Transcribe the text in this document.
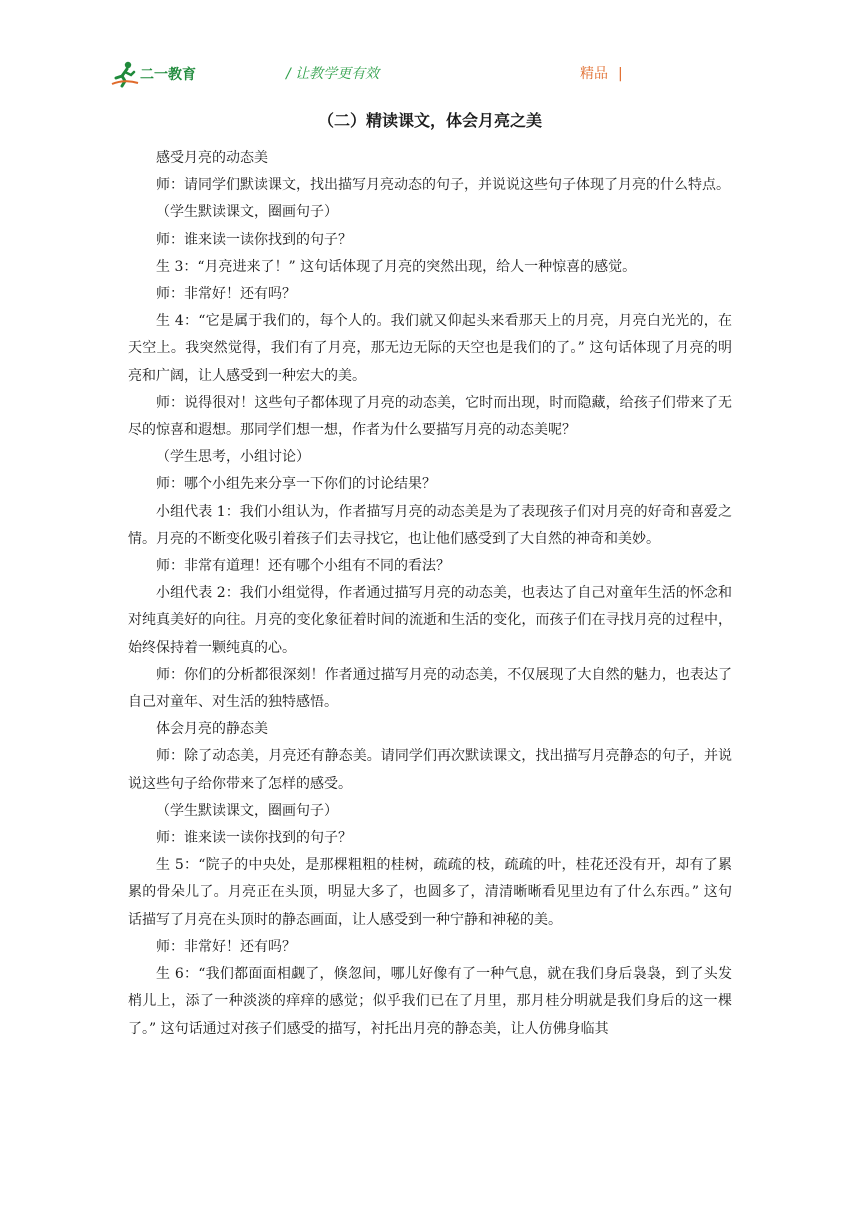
二一教育	/ 让教学更有效	精品 |
（二）精读课文，体会月亮之美

感受月亮的动态美

师：请同学们默读课文，找出描写月亮动态的句子，并说说这些句子体现了月亮的什么特点。

（学生默读课文，圈画句子）

师：谁来读一读你找到的句子？

生 3：“月亮进来了！” 这句话体现了月亮的突然出现，给人一种惊喜的感觉。

师：非常好！还有吗？

生 4：“它是属于我们的，每个人的。我们就又仰起头来看那天上的月亮，月亮白光光的，在天空上。我突然觉得，我们有了月亮，那无边无际的天空也是我们的了。” 这句话体现了月亮的明亮和广阔，让人感受到一种宏大的美。

师：说得很对！这些句子都体现了月亮的动态美，它时而出现，时而隐藏，给孩子们带来了无尽的惊喜和遐想。那同学们想一想，作者为什么要描写月亮的动态美呢？

（学生思考，小组讨论）

师：哪个小组先来分享一下你们的讨论结果？

小组代表 1：我们小组认为，作者描写月亮的动态美是为了表现孩子们对月亮的好奇和喜爱之情。月亮的不断变化吸引着孩子们去寻找它，也让他们感受到了大自然的神奇和美妙。

师：非常有道理！还有哪个小组有不同的看法？

小组代表 2：我们小组觉得，作者通过描写月亮的动态美，也表达了自己对童年生活的怀念和对纯真美好的向往。月亮的变化象征着时间的流逝和生活的变化，而孩子们在寻找月亮的过程中，始终保持着一颗纯真的心。

师：你们的分析都很深刻！作者通过描写月亮的动态美，不仅展现了大自然的魅力，也表达了自己对童年、对生活的独特感悟。

体会月亮的静态美

师：除了动态美，月亮还有静态美。请同学们再次默读课文，找出描写月亮静态的句子，并说说这些句子给你带来了怎样的感受。

（学生默读课文，圈画句子）

师：谁来读一读你找到的句子？

生 5：“院子的中央处，是那棵粗粗的桂树，疏疏的枝，疏疏的叶，桂花还没有开，却有了累累的骨朵儿了。月亮正在头顶，明显大多了，也圆多了，清清晰晰看见里边有了什么东西。” 这句话描写了月亮在头顶时的静态画面，让人感受到一种宁静和神秘的美。

师：非常好！还有吗？

生 6：“我们都面面相觑了，倏忽间，哪儿好像有了一种气息，就在我们身后袅袅，到了头发梢儿上，添了一种淡淡的痒痒的感觉；似乎我们已在了月里，那月桂分明就是我们身后的这一棵了。” 这句话通过对孩子们感受的描写，衬托出月亮的静态美，让人仿佛身临其
